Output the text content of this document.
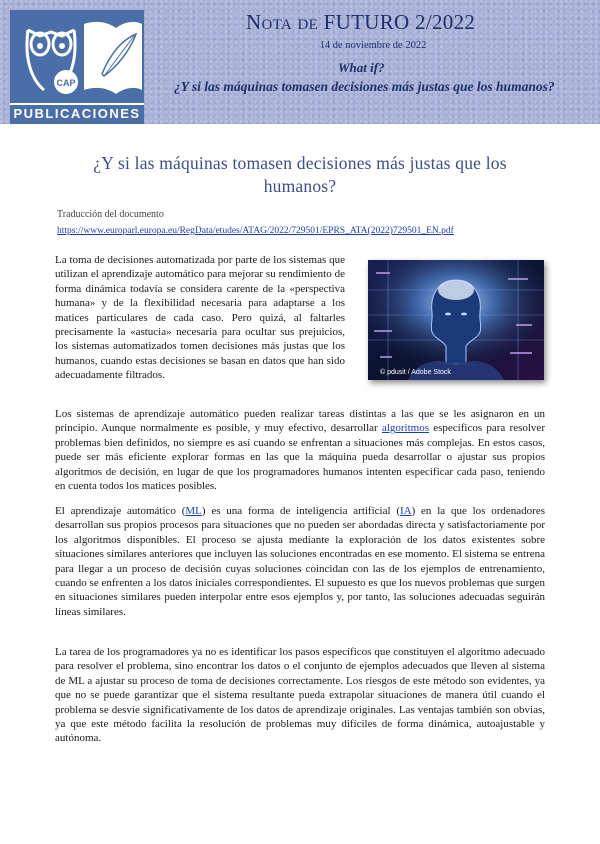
CAP
PUBLICACIONES
Nota de FUTURO 2/2022
14 de noviembre de 2022
What if?
¿Y si las máquinas tomasen decisiones más justas que los humanos?
¿Y si las máquinas tomasen decisiones más justas que los humanos?
Traducción del documento
https://www.europarl.europa.eu/RegData/etudes/ATAG/2022/729501/EPRS_ATA(2022)729501_EN.pdf

La toma de decisiones automatizada por parte de los sistemas que utilizan el aprendizaje automático para mejorar su rendimiento de forma dinámica todavía se considera carente de la «perspectiva humana» y de la flexibilidad necesaria para adaptarse a los matices particulares de cada caso. Pero quizá, al faltarles precisamente la «astucia» necesaria para ocultar sus prejuicios, los sistemas automatizados tomen decisiones más justas que los humanos, cuando estas decisiones se basan en datos que han sido adecuadamente filtrados.	© pdusit / Adobe Stock

Los sistemas de aprendizaje automático pueden realizar tareas distintas a las que se les asignaron en un principio. Aunque normalmente es posible, y muy efectivo, desarrollar algoritmos específicos para resolver problemas bien definidos, no siempre es así cuando se enfrentan a situaciones más complejas. En estos casos, puede ser más eficiente explorar formas en las que la máquina pueda desarrollar o ajustar sus propios algoritmos de decisión, en lugar de que los programadores humanos intenten especificar cada paso, teniendo en cuenta todos los matices posibles.

El aprendizaje automático (ML) es una forma de inteligencia artificial (IA) en la que los ordenadores desarrollan sus propios procesos para situaciones que no pueden ser abordadas directa y satisfactoriamente por los algoritmos disponibles. El proceso se ajusta mediante la exploración de los datos existentes sobre situaciones similares anteriores que incluyen las soluciones encontradas en ese momento. El sistema se entrena para llegar a un proceso de decisión cuyas soluciones coincidan con las de los ejemplos de entrenamiento, cuando se enfrenten a los datos iniciales correspondientes. El supuesto es que los nuevos problemas que surgen en situaciones similares pueden interpolar entre esos ejemplos y, por tanto, las soluciones adecuadas seguirán líneas similares.

La tarea de los programadores ya no es identificar los pasos específicos que constituyen el algoritmo adecuado para resolver el problema, sino encontrar los datos o el conjunto de ejemplos adecuados que lleven al sistema de ML a ajustar su proceso de toma de decisiones correctamente. Los riesgos de este método son evidentes, ya que no se puede garantizar que el sistema resultante pueda extrapolar situaciones de manera útil cuando el problema se desvíe significativamente de los datos de aprendizaje originales. Las ventajas también son obvias, ya que este método facilita la resolución de problemas muy difíciles de forma dinámica, autoajustable y autónoma.
